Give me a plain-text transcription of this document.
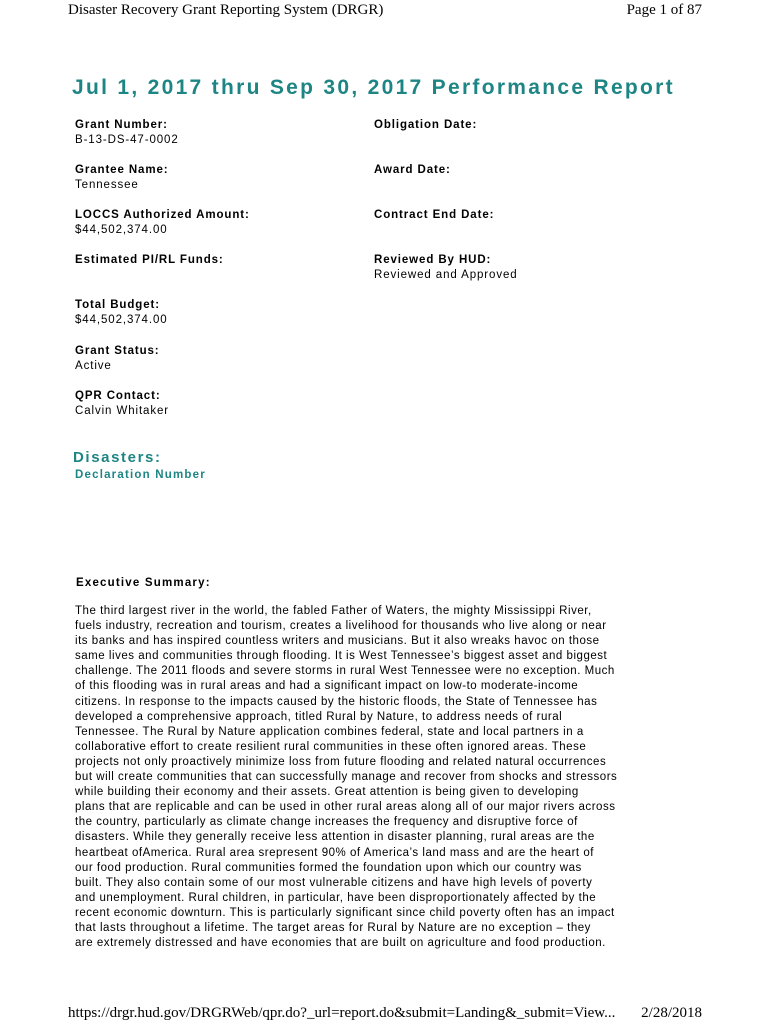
Disaster Recovery Grant Reporting System (DRGR)	Page 1 of 87
Jul 1, 2017 thru Sep 30, 2017 Performance Report
Grant Number:
B-13-DS-47-0002
Obligation Date:
Grantee Name:
Tennessee
Award Date:
LOCCS Authorized Amount:
$44,502,374.00
Contract End Date:
Estimated PI/RL Funds:	Reviewed By HUD:
Reviewed and Approved
Total Budget:
$44,502,374.00
Grant Status:
Active
QPR Contact:
Calvin Whitaker
Disasters:
Declaration Number
Executive Summary:
The third largest river in the world, the fabled Father of Waters, the mighty Mississippi River,
fuels industry, recreation and tourism, creates a livelihood for thousands who live along or near
its banks and has inspired countless writers and musicians. But it also wreaks havoc on those
same lives and communities through flooding. It is West Tennessee’s biggest asset and biggest
challenge. The 2011 floods and severe storms in rural West Tennessee were no exception. Much
of this flooding was in rural areas and had a significant impact on low-to moderate-income
citizens. In response to the impacts caused by the historic floods, the State of Tennessee has
developed a comprehensive approach, titled Rural by Nature, to address needs of rural
Tennessee. The Rural by Nature application combines federal, state and local partners in a
collaborative effort to create resilient rural communities in these often ignored areas. These
projects not only proactively minimize loss from future flooding and related natural occurrences
but will create communities that can successfully manage and recover from shocks and stressors
while building their economy and their assets. Great attention is being given to developing
plans that are replicable and can be used in other rural areas along all of our major rivers across
the country, particularly as climate change increases the frequency and disruptive force of
disasters. While they generally receive less attention in disaster planning, rural areas are the
heartbeat ofAmerica. Rural area srepresent 90% of America’s land mass and are the heart of
our food production. Rural communities formed the foundation upon which our country was
built. They also contain some of our most vulnerable citizens and have high levels of poverty
and unemployment. Rural children, in particular, have been disproportionately affected by the
recent economic downturn. This is particularly significant since child poverty often has an impact
that lasts throughout a lifetime. The target areas for Rural by Nature are no exception – they
are extremely distressed and have economies that are built on agriculture and food production.
https://drgr.hud.gov/DRGRWeb/qpr.do?_url=report.do&submit=Landing&_submit=View... 2/28/2018
